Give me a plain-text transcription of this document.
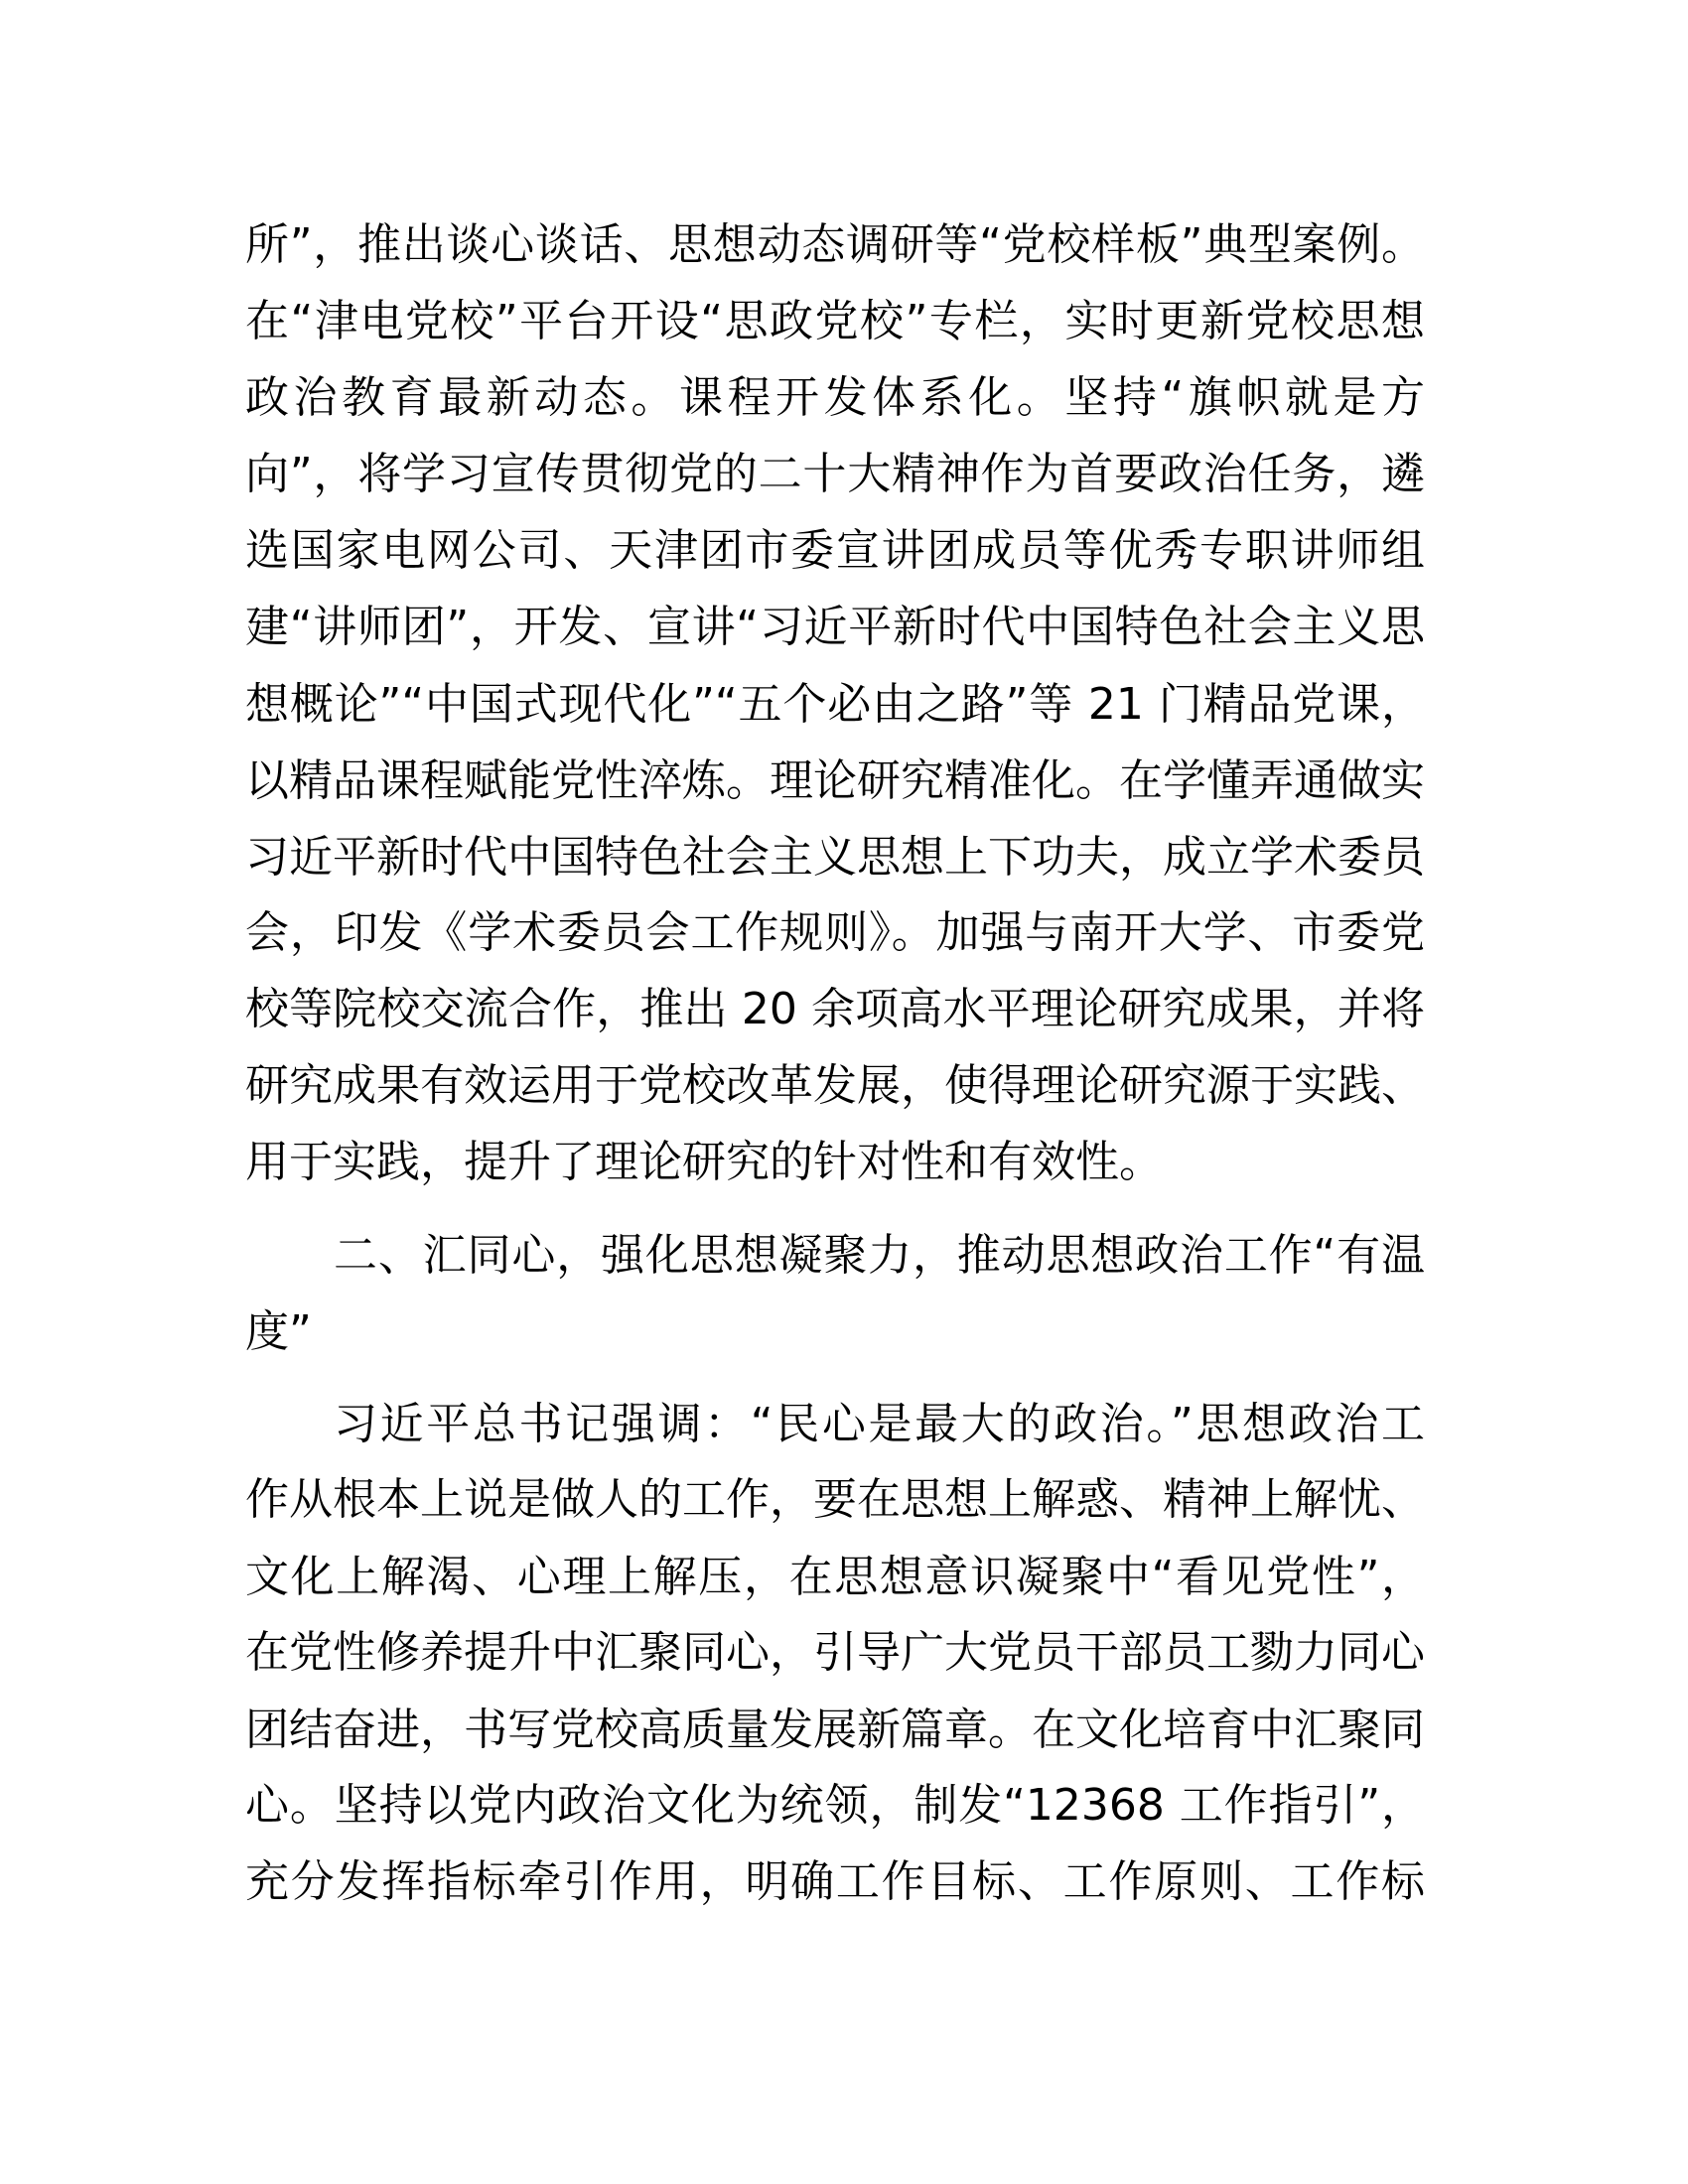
所”，推出谈心谈话、思想动态调研等“党校样板”典型案例。
在“津电党校”平台开设“思政党校”专栏，实时更新党校思想
政治教育最新动态。课程开发体系化。坚持“旗帜就是方
向”，将学习宣传贯彻党的二十大精神作为首要政治任务，遴
选国家电网公司、天津团市委宣讲团成员等优秀专职讲师组
建“讲师团”，开发、宣讲“习近平新时代中国特色社会主义思
想概论”“中国式现代化”“五个必由之路”等 21 门精品党课，
以精品课程赋能党性淬炼。理论研究精准化。在学懂弄通做实
习近平新时代中国特色社会主义思想上下功夫，成立学术委员
会，印发《学术委员会工作规则》。加强与南开大学、市委党
校等院校交流合作，推出 20 余项高水平理论研究成果，并将
研究成果有效运用于党校改革发展，使得理论研究源于实践、
用于实践，提升了理论研究的针对性和有效性。
二、汇同心，强化思想凝聚力，推动思想政治工作“有温
度”
习近平总书记强调：“民心是最大的政治。”思想政治工
作从根本上说是做人的工作，要在思想上解惑、精神上解忧、
文化上解渴、心理上解压，在思想意识凝聚中“看见党性”，
在党性修养提升中汇聚同心，引导广大党员干部员工勠力同心
团结奋进，书写党校高质量发展新篇章。在文化培育中汇聚同
心。坚持以党内政治文化为统领，制发“12368 工作指引”，
充分发挥指标牵引作用，明确工作目标、工作原则、工作标
